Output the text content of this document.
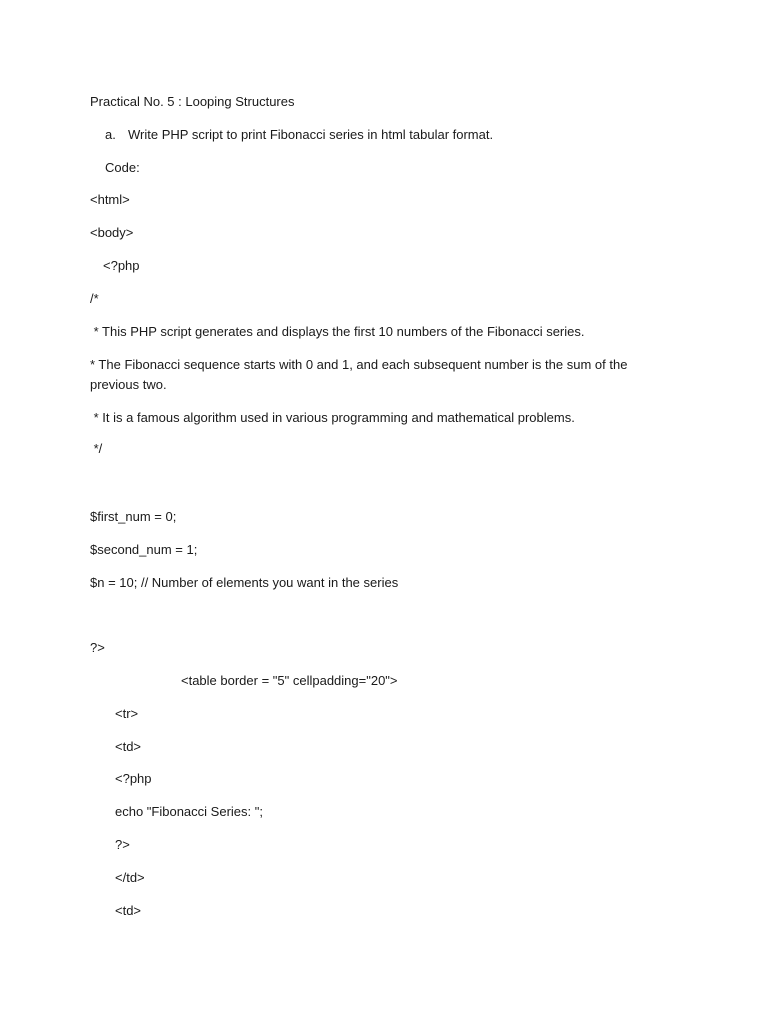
Practical No. 5 : Looping Structures
a. Write PHP script to print Fibonacci series in html tabular format.
Code:
<html>
<body>
<?php
/*
* This PHP script generates and displays the first 10 numbers of the Fibonacci series.
* The Fibonacci sequence starts with 0 and 1, and each subsequent number is the sum of the previous two.
* It is a famous algorithm used in various programming and mathematical problems.
*/
$first_num = 0;
$second_num = 1;
$n = 10; // Number of elements you want in the series
?>
<table border = "5" cellpadding="20">
<tr>
<td>
<?php
echo "Fibonacci Series: ";
?>
</td>
<td>
